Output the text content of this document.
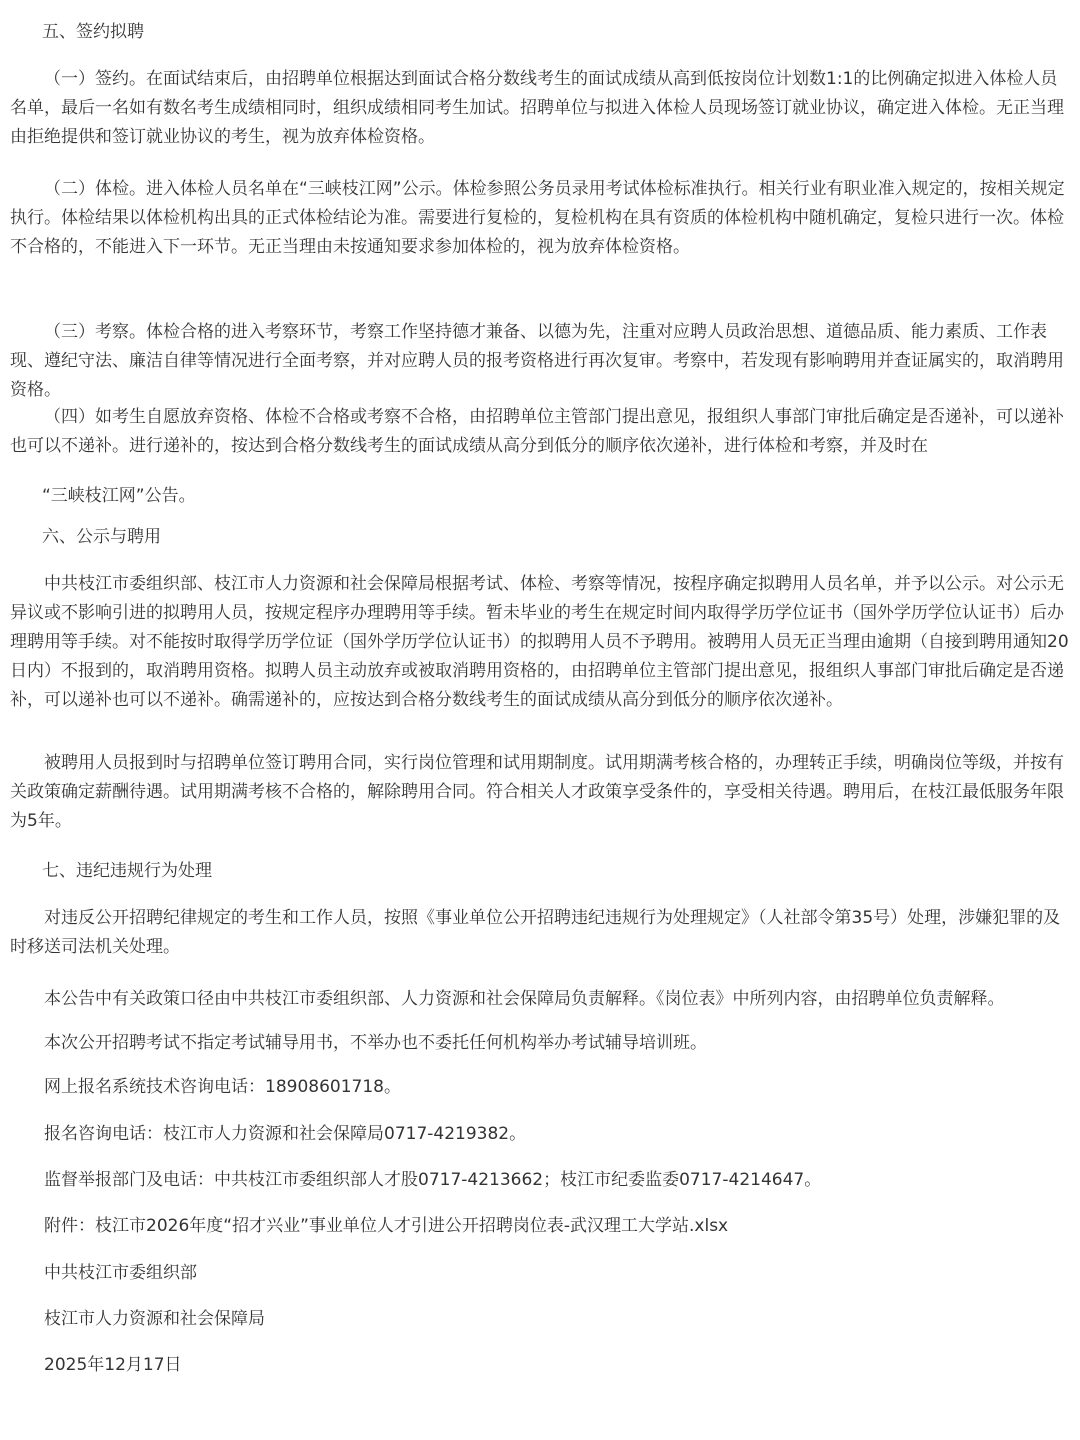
五、签约拟聘

（一）签约。在面试结束后，由招聘单位根据达到面试合格分数线考生的面试成绩从高到低按岗位计划数1:1的比例确定拟进入体检人员名单，最后一名如有数名考生成绩相同时，组织成绩相同考生加试。招聘单位与拟进入体检人员现场签订就业协议，确定进入体检。无正当理由拒绝提供和签订就业协议的考生，视为放弃体检资格。

（二）体检。进入体检人员名单在“三峡枝江网”公示。体检参照公务员录用考试体检标准执行。相关行业有职业准入规定的，按相关规定执行。体检结果以体检机构出具的正式体检结论为准。需要进行复检的，复检机构在具有资质的体检机构中随机确定，复检只进行一次。体检不合格的，不能进入下一环节。无正当理由未按通知要求参加体检的，视为放弃体检资格。

（三）考察。体检合格的进入考察环节，考察工作坚持德才兼备、以德为先，注重对应聘人员政治思想、道德品质、能力素质、工作表现、遵纪守法、廉洁自律等情况进行全面考察，并对应聘人员的报考资格进行再次复审。考察中，若发现有影响聘用并查证属实的，取消聘用资格。

（四）如考生自愿放弃资格、体检不合格或考察不合格，由招聘单位主管部门提出意见，报组织人事部门审批后确定是否递补，可以递补也可以不递补。进行递补的，按达到合格分数线考生的面试成绩从高分到低分的顺序依次递补，进行体检和考察，并及时在

“三峡枝江网”公告。

六、公示与聘用

中共枝江市委组织部、枝江市人力资源和社会保障局根据考试、体检、考察等情况，按程序确定拟聘用人员名单，并予以公示。对公示无异议或不影响引进的拟聘用人员，按规定程序办理聘用等手续。暂未毕业的考生在规定时间内取得学历学位证书（国外学历学位认证书）后办理聘用等手续。对不能按时取得学历学位证（国外学历学位认证书）的拟聘用人员不予聘用。被聘用人员无正当理由逾期（自接到聘用通知20日内）不报到的，取消聘用资格。拟聘人员主动放弃或被取消聘用资格的，由招聘单位主管部门提出意见，报组织人事部门审批后确定是否递补，可以递补也可以不递补。确需递补的，应按达到合格分数线考生的面试成绩从高分到低分的顺序依次递补。

被聘用人员报到时与招聘单位签订聘用合同，实行岗位管理和试用期制度。试用期满考核合格的，办理转正手续，明确岗位等级，并按有关政策确定薪酬待遇。试用期满考核不合格的，解除聘用合同。符合相关人才政策享受条件的，享受相关待遇。聘用后，在枝江最低服务年限为5年。

七、违纪违规行为处理

对违反公开招聘纪律规定的考生和工作人员，按照《事业单位公开招聘违纪违规行为处理规定》（人社部令第35号）处理，涉嫌犯罪的及时移送司法机关处理。

本公告中有关政策口径由中共枝江市委组织部、人力资源和社会保障局负责解释。《岗位表》中所列内容，由招聘单位负责解释。

本次公开招聘考试不指定考试辅导用书，不举办也不委托任何机构举办考试辅导培训班。

网上报名系统技术咨询电话：18908601718。

报名咨询电话：枝江市人力资源和社会保障局0717-4219382。

监督举报部门及电话：中共枝江市委组织部人才股0717-4213662；枝江市纪委监委0717-4214647。

附件：枝江市2026年度“招才兴业”事业单位人才引进公开招聘岗位表-武汉理工大学站.xlsx

中共枝江市委组织部

枝江市人力资源和社会保障局

2025年12月17日
